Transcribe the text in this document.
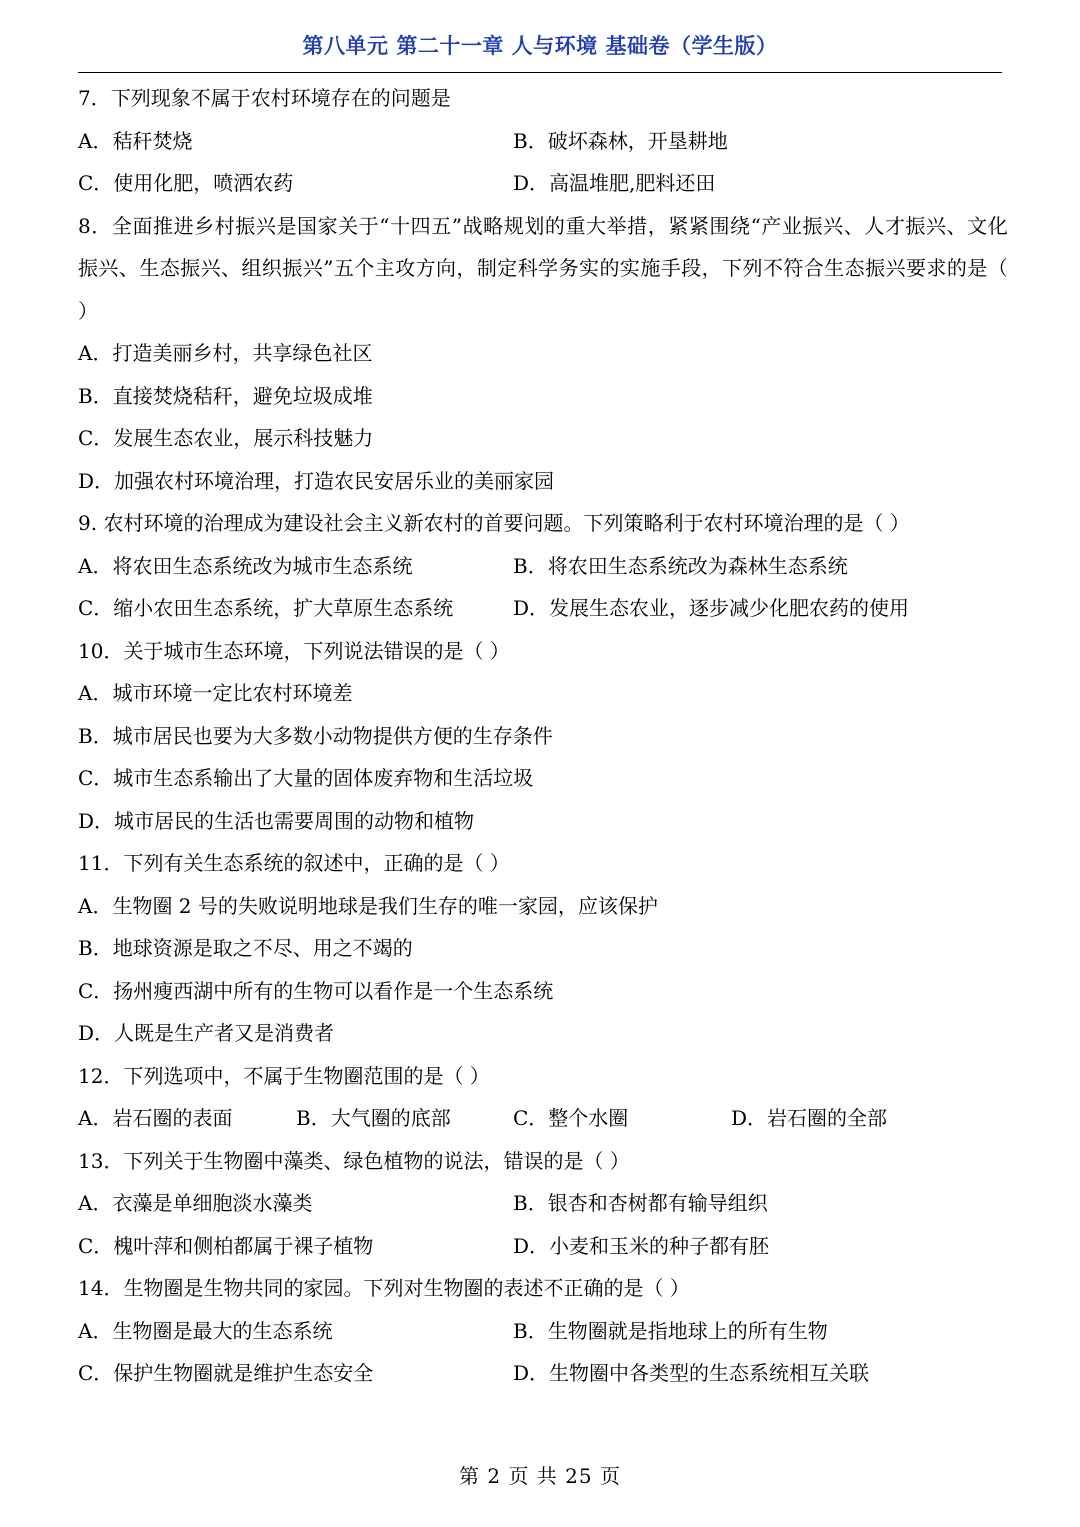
第八单元 第二十一章 人与环境 基础卷（学生版）
7．下列现象不属于农村环境存在的问题是
A．秸秆焚烧	B．破坏森林，开垦耕地
C．使用化肥，喷洒农药	D．高温堆肥,肥料还田
8．全面推进乡村振兴是国家关于“十四五”战略规划的重大举措，紧紧围绕“产业振兴、人才振兴、文化振兴、生态振兴、组织振兴”五个主攻方向，制定科学务实的实施手段，下列不符合生态振兴要求的是（ ）
A．打造美丽乡村，共享绿色社区
B．直接焚烧秸秆，避免垃圾成堆
C．发展生态农业，展示科技魅力
D．加强农村环境治理，打造农民安居乐业的美丽家园
9. 农村环境的治理成为建设社会主义新农村的首要问题。下列策略利于农村环境治理的是（ ）
A．将农田生态系统改为城市生态系统	B．将农田生态系统改为森林生态系统
C．缩小农田生态系统，扩大草原生态系统	D．发展生态农业，逐步减少化肥农药的使用
10．关于城市生态环境，下列说法错误的是（ ）
A．城市环境一定比农村环境差
B．城市居民也要为大多数小动物提供方便的生存条件
C．城市生态系输出了大量的固体废弃物和生活垃圾
D．城市居民的生活也需要周围的动物和植物
11．下列有关生态系统的叙述中，正确的是（ ）
A．生物圈 2 号的失败说明地球是我们生存的唯一家园，应该保护
B．地球资源是取之不尽、用之不竭的
C．扬州瘦西湖中所有的生物可以看作是一个生态系统
D．人既是生产者又是消费者
12．下列选项中，不属于生物圈范围的是（ ）
A．岩石圈的表面	B．大气圈的底部	C．整个水圈	D．岩石圈的全部
13．下列关于生物圈中藻类、绿色植物的说法，错误的是（ ）
A．衣藻是单细胞淡水藻类	B．银杏和杏树都有输导组织
C．槐叶萍和侧柏都属于裸子植物	D．小麦和玉米的种子都有胚
14．生物圈是生物共同的家园。下列对生物圈的表述不正确的是（ ）
A．生物圈是最大的生态系统	B．生物圈就是指地球上的所有生物
C．保护生物圈就是维护生态安全	D．生物圈中各类型的生态系统相互关联
第 2 页 共 25 页
